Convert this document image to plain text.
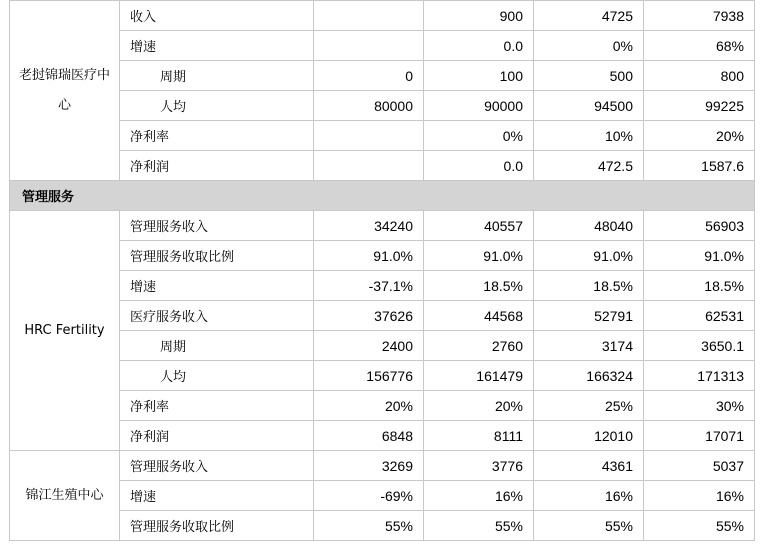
老挝锦瑞医疗中心	收入		900	4725	7938
	增速		0.0	0%	68%
	周期	0	100	500	800
	人均	80000	90000	94500	99225
	净利率		0%	10%	20%
	净利润		0.0	472.5	1587.6
管理服务					
HRC Fertility	管理服务收入	34240	40557	48040	56903
	管理服务收取比例	91.0%	91.0%	91.0%	91.0%
	增速	-37.1%	18.5%	18.5%	18.5%
	医疗服务收入	37626	44568	52791	62531
	周期	2400	2760	3174	3650.1
	人均	156776	161479	166324	171313
	净利率	20%	20%	25%	30%
	净利润	6848	8111	12010	17071
锦江生殖中心	管理服务收入	3269	3776	4361	5037
	增速	-69%	16%	16%	16%
	管理服务收取比例	55%	55%	55%	55%
